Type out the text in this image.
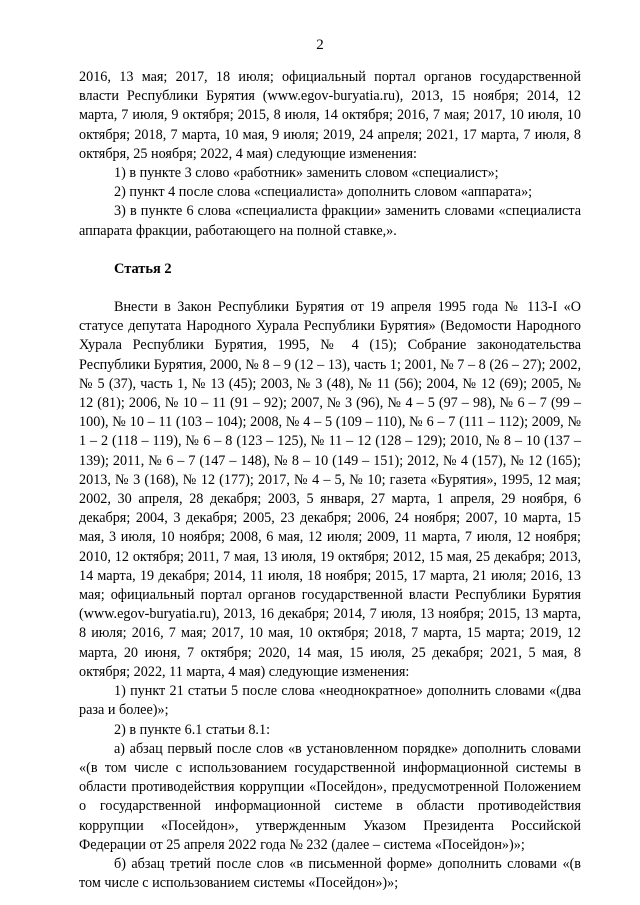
2

2016, 13 мая; 2017, 18 июля; официальный портал органов государственной власти Республики Бурятия (www.egov-buryatia.ru), 2013, 15 ноября; 2014, 12 марта, 7 июля, 9 октября; 2015, 8 июля, 14 октября; 2016, 7 мая; 2017, 10 июля, 10 октября; 2018, 7 марта, 10 мая, 9 июля; 2019, 24 апреля; 2021, 17 марта, 7 июля, 8 октября, 25 ноября; 2022, 4 мая) следующие изменения:

1) в пункте 3 слово «работник» заменить словом «специалист»;

2) пункт 4 после слова «специалиста» дополнить словом «аппарата»;

3) в пункте 6 слова «специалиста фракции» заменить словами «специалиста аппарата фракции, работающего на полной ставке,».

Статья 2

Внести в Закон Республики Бурятия от 19 апреля 1995 года № 113-I «О статусе депутата Народного Хурала Республики Бурятия» (Ведомости Народного Хурала Республики Бурятия, 1995, № 4 (15); Собрание законодательства Республики Бурятия, 2000, № 8 – 9 (12 – 13), часть 1; 2001, № 7 – 8 (26 – 27); 2002, № 5 (37), часть 1, № 13 (45); 2003, № 3 (48), № 11 (56); 2004, № 12 (69); 2005, № 12 (81); 2006, № 10 – 11 (91 – 92); 2007, № 3 (96), № 4 – 5 (97 – 98), № 6 – 7 (99 – 100), № 10 – 11 (103 – 104); 2008, № 4 – 5 (109 – 110), № 6 – 7 (111 – 112); 2009, № 1 – 2 (118 – 119), № 6 – 8 (123 – 125), № 11 – 12 (128 – 129); 2010, № 8 – 10 (137 – 139); 2011, № 6 – 7 (147 – 148), № 8 – 10 (149 – 151); 2012, № 4 (157), № 12 (165); 2013, № 3 (168), № 12 (177); 2017, № 4 – 5, № 10; газета «Бурятия», 1995, 12 мая; 2002, 30 апреля, 28 декабря; 2003, 5 января, 27 марта, 1 апреля, 29 ноября, 6 декабря; 2004, 3 декабря; 2005, 23 декабря; 2006, 24 ноября; 2007, 10 марта, 15 мая, 3 июля, 10 ноября; 2008, 6 мая, 12 июля; 2009, 11 марта, 7 июля, 12 ноября; 2010, 12 октября; 2011, 7 мая, 13 июля, 19 октября; 2012, 15 мая, 25 декабря; 2013, 14 марта, 19 декабря; 2014, 11 июля, 18 ноября; 2015, 17 марта, 21 июля; 2016, 13 мая; официальный портал органов государственной власти Республики Бурятия (www.egov-buryatia.ru), 2013, 16 декабря; 2014, 7 июля, 13 ноября; 2015, 13 марта, 8 июля; 2016, 7 мая; 2017, 10 мая, 10 октября; 2018, 7 марта, 15 марта; 2019, 12 марта, 20 июня, 7 октября; 2020, 14 мая, 15 июля, 25 декабря; 2021, 5 мая, 8 октября; 2022, 11 марта, 4 мая) следующие изменения:

1) пункт 21 статьи 5 после слова «неоднократное» дополнить словами «(два раза и более)»;

2) в пункте 6.1 статьи 8.1:

а) абзац первый после слов «в установленном порядке» дополнить словами «(в том числе с использованием государственной информационной системы в области противодействия коррупции «Посейдон», предусмотренной Положением о государственной информационной системе в области противодействия коррупции «Посейдон», утвержденным Указом Президента Российской Федерации от 25 апреля 2022 года № 232 (далее – система «Посейдон»)»;

б) абзац третий после слов «в письменной форме» дополнить словами «(в том числе с использованием системы «Посейдон»)»;
